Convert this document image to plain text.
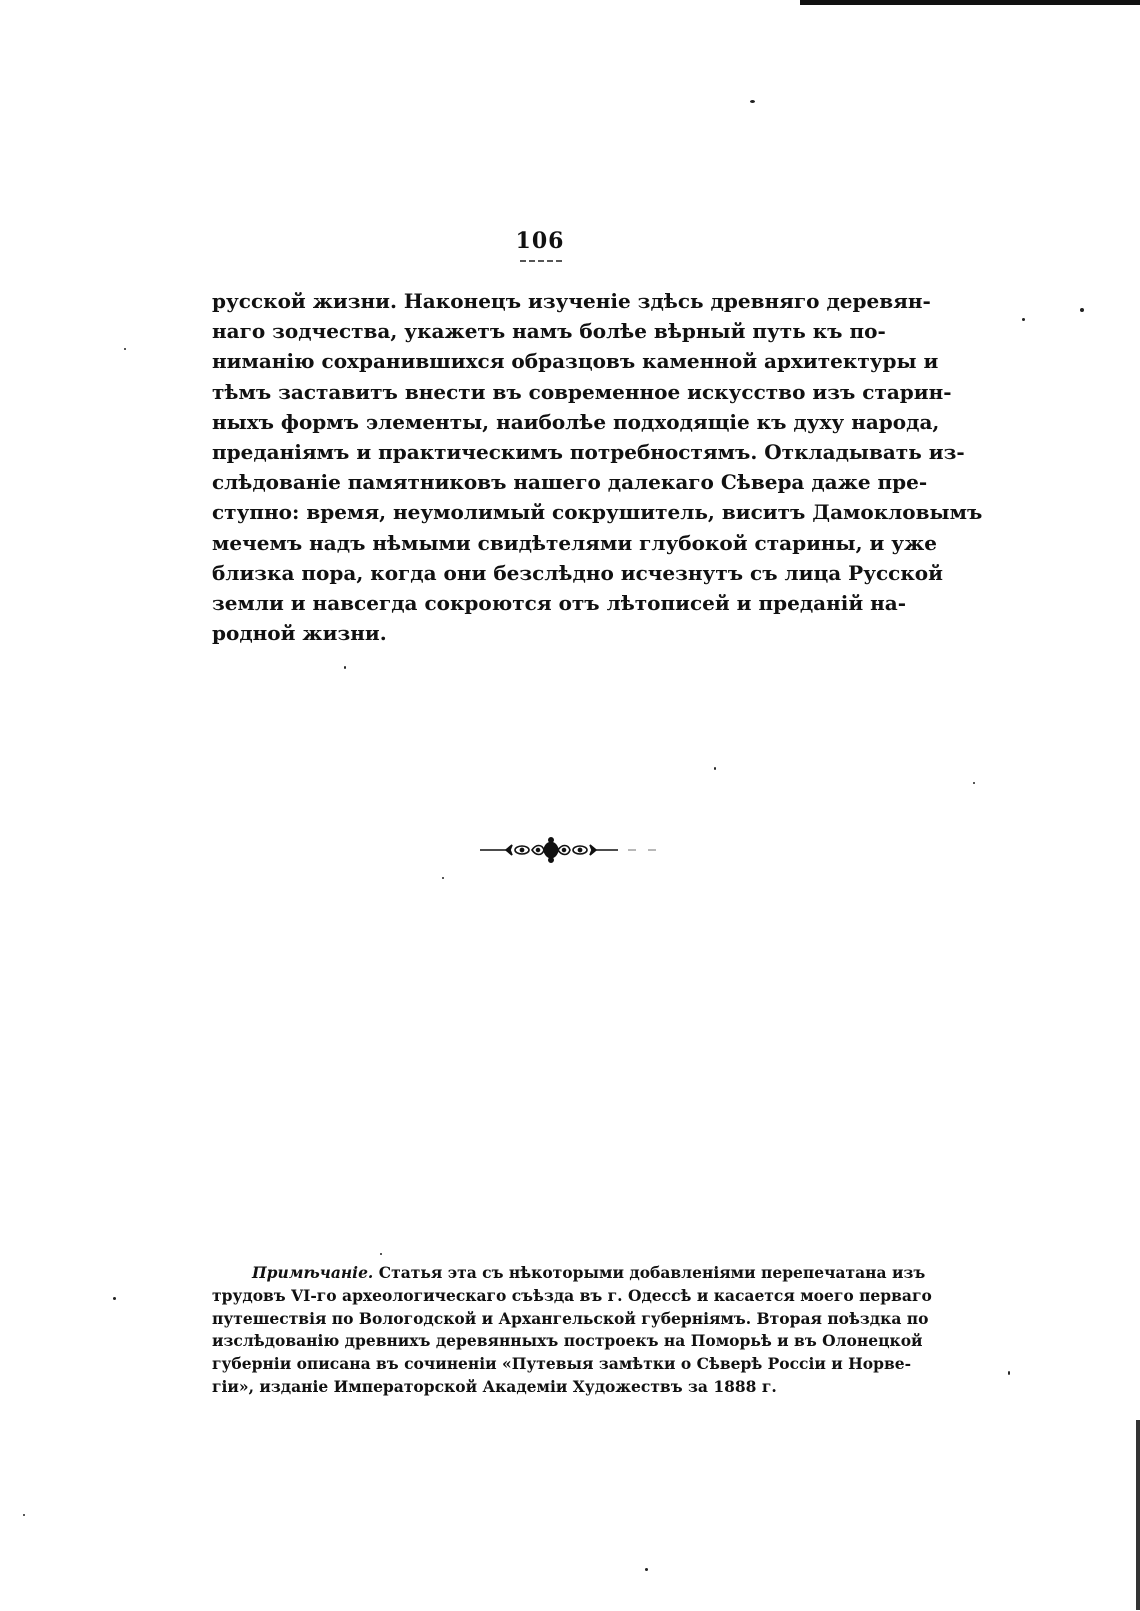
106
русской жизни. Наконецъ изученіе здѣсь древняго деревян-
наго зодчества, укажетъ намъ болѣе вѣрный путь къ по-
ниманію сохранившихся образцовъ каменной архитектуры и
тѣмъ заставитъ внести въ современное искусство изъ старин-
ныхъ формъ элементы, наиболѣе подходящіе къ духу народа,
преданіямъ и практическимъ потребностямъ. Откладывать из-
слѣдованіе памятниковъ нашего далекаго Сѣвера даже пре-
ступно: время, неумолимый сокрушитель, виситъ Дамокловымъ
мечемъ надъ нѣмыми свидѣтелями глубокой старины, и уже
близка пора, когда они безслѣдно исчезнутъ съ лица Русской
земли и навсегда сокроются отъ лѣтописей и преданій на-
родной жизни.
Примѣчаніе. Статья эта съ нѣкоторыми добавленіями перепечатана изъ
трудовъ VI-го археологическаго съѣзда въ г. Одессѣ и касается моего перваго
путешествія по Вологодской и Архангельской губерніямъ. Вторая поѣздка по
изслѣдованію древнихъ деревянныхъ построекъ на Поморьѣ и въ Олонецкой
губерніи описана въ сочиненіи «Путевыя замѣтки о Сѣверѣ Россіи и Норве-
гіи», изданіе Императорской Академіи Художествъ за 1888 г.
